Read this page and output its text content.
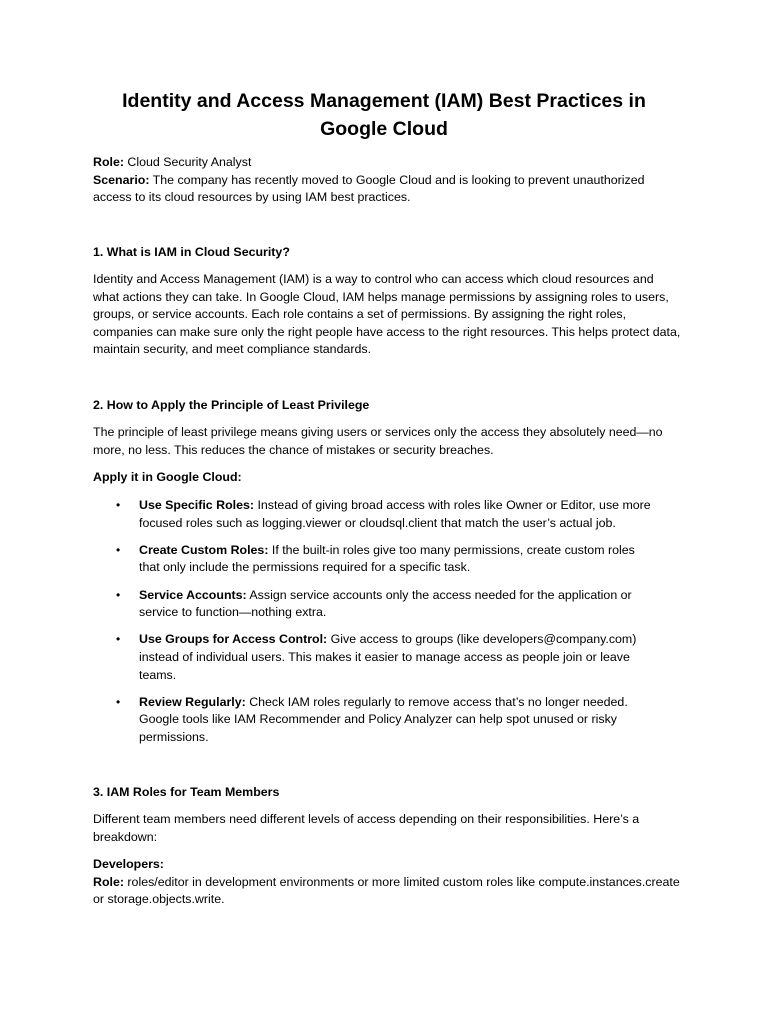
Identity and Access Management (IAM) Best Practices in Google Cloud

Role: Cloud Security Analyst
Scenario: The company has recently moved to Google Cloud and is looking to prevent unauthorized access to its cloud resources by using IAM best practices.

1. What is IAM in Cloud Security?

Identity and Access Management (IAM) is a way to control who can access which cloud resources and what actions they can take. In Google Cloud, IAM helps manage permissions by assigning roles to users, groups, or service accounts. Each role contains a set of permissions. By assigning the right roles, companies can make sure only the right people have access to the right resources. This helps protect data, maintain security, and meet compliance standards.

2. How to Apply the Principle of Least Privilege

The principle of least privilege means giving users or services only the access they absolutely need—no more, no less. This reduces the chance of mistakes or security breaches.

Apply it in Google Cloud:

• Use Specific Roles: Instead of giving broad access with roles like Owner or Editor, use more focused roles such as logging.viewer or cloudsql.client that match the user’s actual job.
• Create Custom Roles: If the built-in roles give too many permissions, create custom roles that only include the permissions required for a specific task.
• Service Accounts: Assign service accounts only the access needed for the application or service to function—nothing extra.
• Use Groups for Access Control: Give access to groups (like developers@company.com) instead of individual users. This makes it easier to manage access as people join or leave teams.
• Review Regularly: Check IAM roles regularly to remove access that’s no longer needed. Google tools like IAM Recommender and Policy Analyzer can help spot unused or risky permissions.

3. IAM Roles for Team Members

Different team members need different levels of access depending on their responsibilities. Here’s a breakdown:

Developers:
Role: roles/editor in development environments or more limited custom roles like compute.instances.create or storage.objects.write.
